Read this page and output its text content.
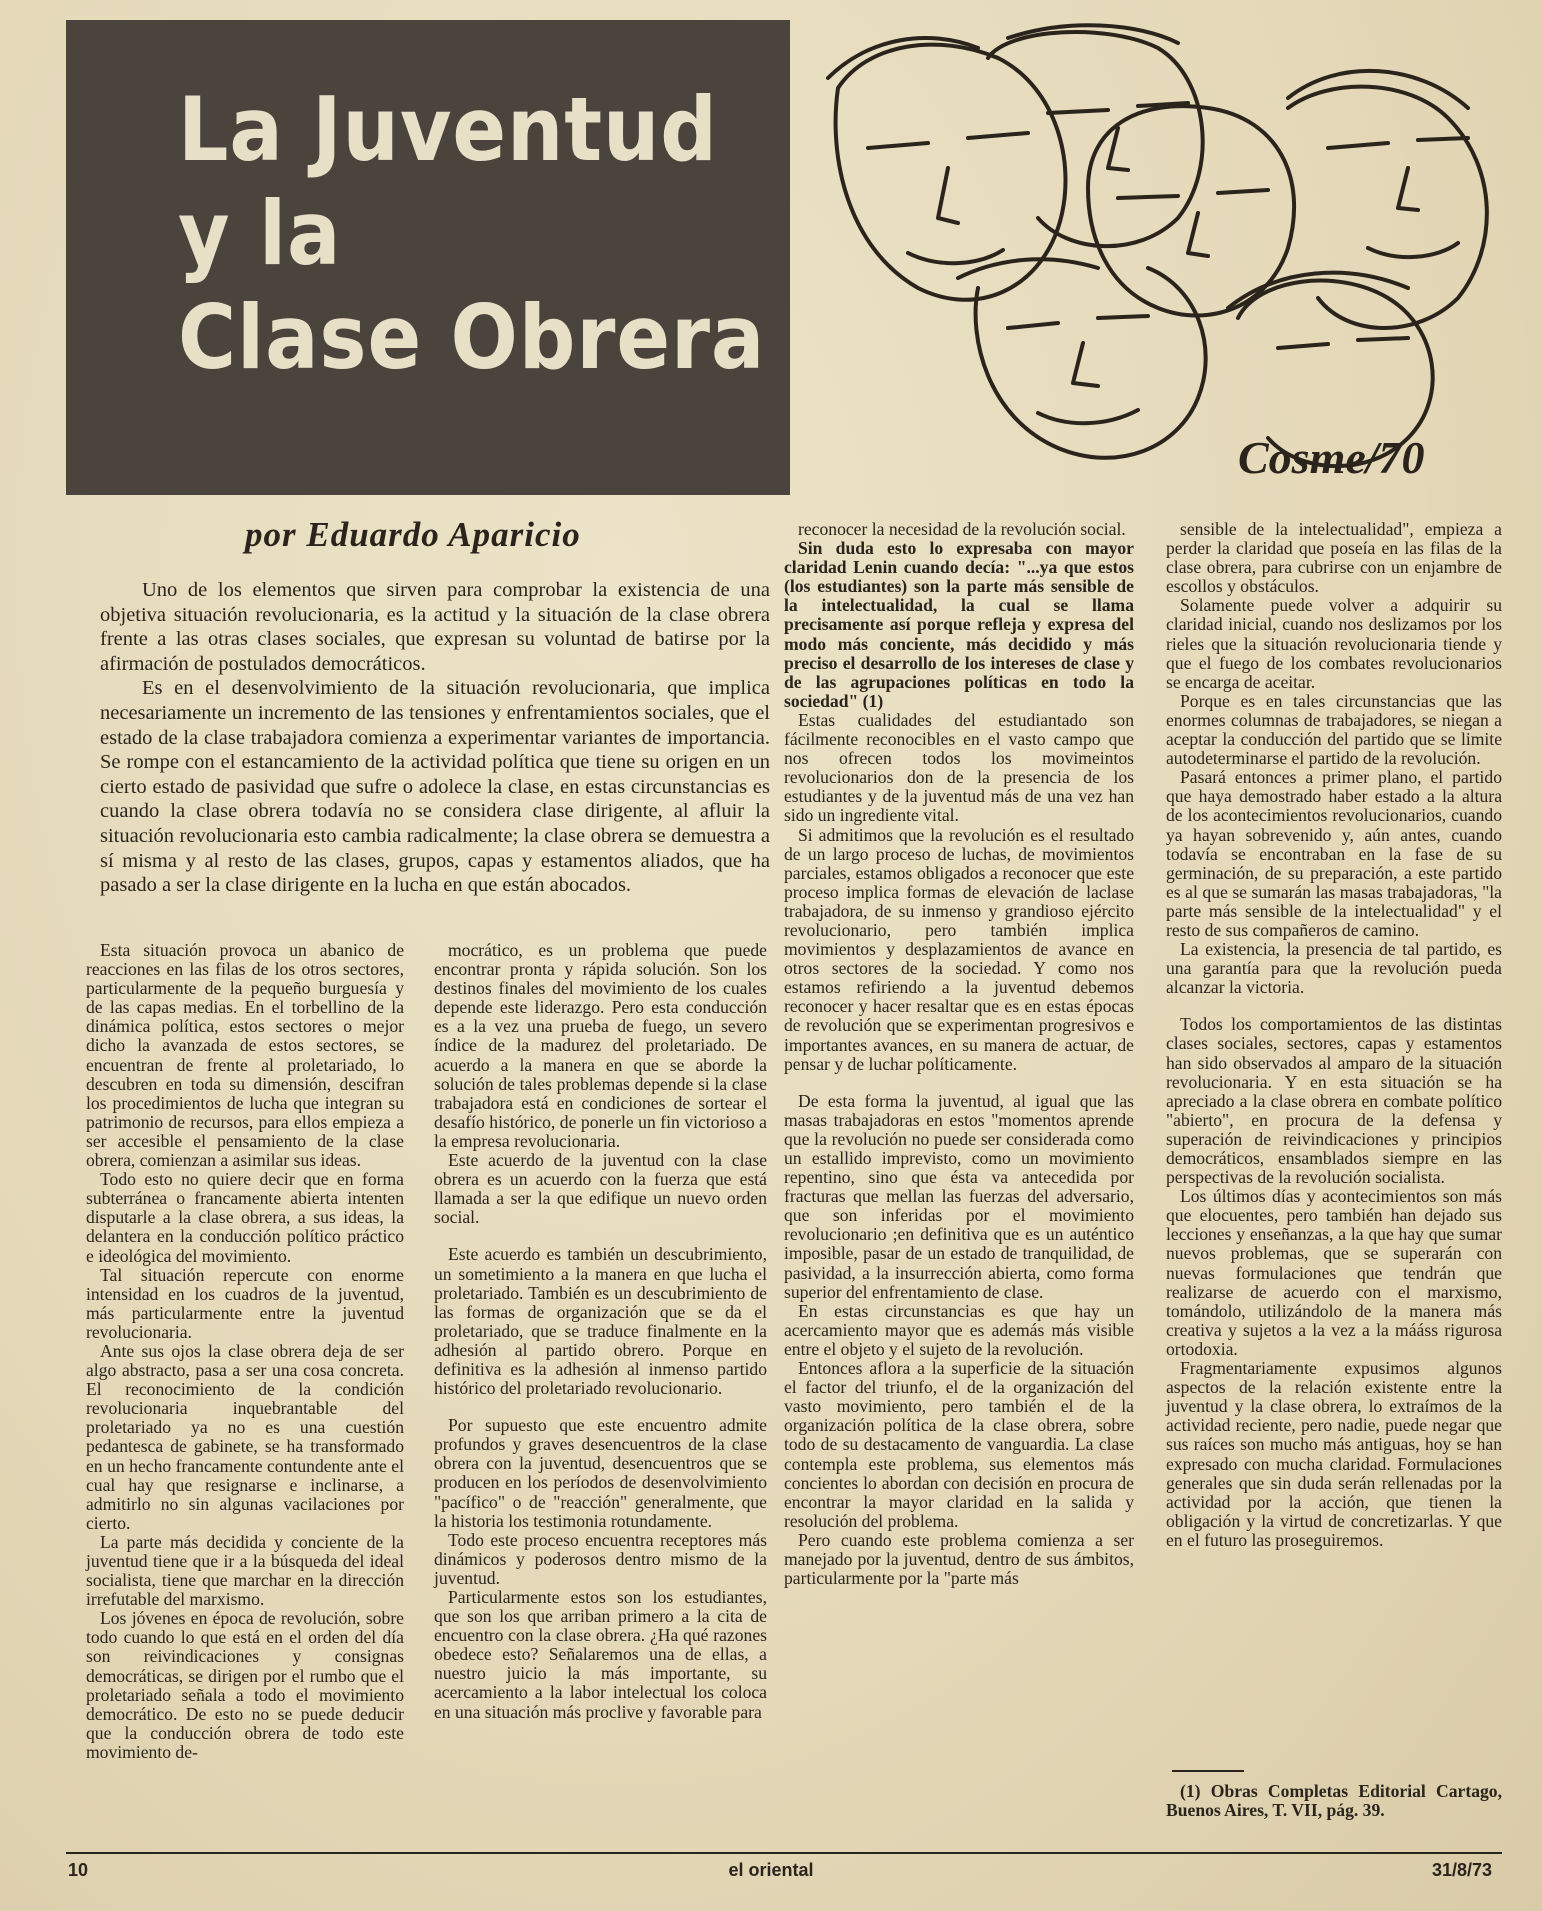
La Juventud
y la
Clase Obrera
Cosme/70
por Eduardo Aparicio

Uno de los elementos que sirven para comprobar la existencia de una objetiva situación revolucionaria, es la actitud y la situación de la clase obrera frente a las otras clases sociales, que expresan su voluntad de batirse por la afirmación de postulados democráticos.

Es en el desenvolvimiento de la situación revolucionaria, que implica necesariamente un incremento de las tensiones y enfrentamientos sociales, que el estado de la clase trabajadora comienza a experimentar variantes de importancia. Se rompe con el estancamiento de la actividad política que tiene su origen en un cierto estado de pasividad que sufre o adolece la clase, en estas circunstancias es cuando la clase obrera todavía no se considera clase dirigente, al afluir la situación revolucionaria esto cambia radicalmente; la clase obrera se demuestra a sí misma y al resto de las clases, grupos, capas y estamentos aliados, que ha pasado a ser la clase dirigente en la lucha en que están abocados.

Esta situación provoca un abanico de reacciones en las filas de los otros sectores, particularmente de la pequeño burguesía y de las capas medias. En el torbellino de la dinámica política, estos sectores o mejor dicho la avanzada de estos sectores, se encuentran de frente al proletariado, lo descubren en toda su dimensión, descifran los procedimientos de lucha que integran su patrimonio de recursos, para ellos empieza a ser accesible el pensamiento de la clase obrera, comienzan a asimilar sus ideas.

Todo esto no quiere decir que en forma subterránea o francamente abierta intenten disputarle a la clase obrera, a sus ideas, la delantera en la conducción político práctico e ideológica del movimiento.

Tal situación repercute con enorme intensidad en los cuadros de la juventud, más particularmente entre la juventud revolucionaria.

Ante sus ojos la clase obrera deja de ser algo abstracto, pasa a ser una cosa concreta. El reconocimiento de la condición revolucionaria inquebrantable del proletariado ya no es una cuestión pedantesca de gabinete, se ha transformado en un hecho francamente contundente ante el cual hay que resignarse e inclinarse, a admitirlo no sin algunas vacilaciones por cierto.

La parte más decidida y conciente de la juventud tiene que ir a la búsqueda del ideal socialista, tiene que marchar en la dirección irrefutable del marxismo.

Los jóvenes en época de revolución, sobre todo cuando lo que está en el orden del día son reivindicaciones y consignas democráticas, se dirigen por el rumbo que el proletariado señala a todo el movimiento democrático. De esto no se puede deducir que la conducción obrera de todo este movimiento de-

mocrático, es un problema que puede encontrar pronta y rápida solución. Son los destinos finales del movimiento de los cuales depende este liderazgo. Pero esta conducción es a la vez una prueba de fuego, un severo índice de la madurez del proletariado. De acuerdo a la manera en que se aborde la solución de tales problemas depende si la clase trabajadora está en condiciones de sortear el desafío histórico, de ponerle un fin victorioso a la empresa revolucionaria.

Este acuerdo de la juventud con la clase obrera es un acuerdo con la fuerza que está llamada a ser la que edifique un nuevo orden social.

Este acuerdo es también un descubrimiento, un sometimiento a la manera en que lucha el proletariado. También es un descubrimiento de las formas de organización que se da el proletariado, que se traduce finalmente en la adhesión al partido obrero. Porque en definitiva es la adhesión al inmenso partido histórico del proletariado revolucionario.

Por supuesto que este encuentro admite profundos y graves desencuentros de la clase obrera con la juventud, desencuentros que se producen en los períodos de desenvolvimiento "pacífico" o de "reacción" generalmente, que la historia los testimonia rotundamente.

Todo este proceso encuentra receptores más dinámicos y poderosos dentro mismo de la juventud.

Particularmente estos son los estudiantes, que son los que arriban primero a la cita de encuentro con la clase obrera. ¿Ha qué razones obedece esto? Señalaremos una de ellas, a nuestro juicio la más importante, su acercamiento a la labor intelectual los coloca en una situación más proclive y favorable para

reconocer la necesidad de la revolución social.

Sin duda esto lo expresaba con mayor claridad Lenin cuando decía: "...ya que estos (los estudiantes) son la parte más sensible de la intelectualidad, la cual se llama precisamente así porque refleja y expresa del modo más conciente, más decidido y más preciso el desarrollo de los intereses de clase y de las agrupaciones políticas en todo la sociedad" (1)

Estas cualidades del estudiantado son fácilmente reconocibles en el vasto campo que nos ofrecen todos los movimeintos revolucionarios don de la presencia de los estudiantes y de la juventud más de una vez han sido un ingrediente vital.

Si admitimos que la revolución es el resultado de un largo proceso de luchas, de movimientos parciales, estamos obligados a reconocer que este proceso implica formas de elevación de laclase trabajadora, de su inmenso y grandioso ejército revolucionario, pero también implica movimientos y desplazamientos de avance en otros sectores de la sociedad. Y como nos estamos refiriendo a la juventud debemos reconocer y hacer resaltar que es en estas épocas de revolución que se experimentan progresivos e importantes avances, en su manera de actuar, de pensar y de luchar políticamente.

De esta forma la juventud, al igual que las masas trabajadoras en estos "momentos aprende que la revolución no puede ser considerada como un estallido imprevisto, como un movimiento repentino, sino que ésta va antecedida por fracturas que mellan las fuerzas del adversario, que son inferidas por el movimiento revolucionario ;en definitiva que es un auténtico imposible, pasar de un estado de tranquilidad, de pasividad, a la insurrección abierta, como forma superior del enfrentamiento de clase.

En estas circunstancias es que hay un acercamiento mayor que es además más visible entre el objeto y el sujeto de la revolución.

Entonces aflora a la superficie de la situación el factor del triunfo, el de la organización del vasto movimiento, pero también el de la organización política de la clase obrera, sobre todo de su destacamento de vanguardia. La clase contempla este problema, sus elementos más concientes lo abordan con decisión en procura de encontrar la mayor claridad en la salida y resolución del problema.

Pero cuando este problema comienza a ser manejado por la juventud, dentro de sus ámbitos, particularmente por la "parte más

sensible de la intelectualidad", empieza a perder la claridad que poseía en las filas de la clase obrera, para cubrirse con un enjambre de escollos y obstáculos.

Solamente puede volver a adquirir su claridad inicial, cuando nos deslizamos por los rieles que la situación revolucionaria tiende y que el fuego de los combates revolucionarios se encarga de aceitar.

Porque es en tales circunstancias que las enormes columnas de trabajadores, se niegan a aceptar la conducción del partido que se limite autodeterminarse el partido de la revolución.

Pasará entonces a primer plano, el partido que haya demostrado haber estado a la altura de los acontecimientos revolucionarios, cuando ya hayan sobrevenido y, aún antes, cuando todavía se encontraban en la fase de su germinación, de su preparación, a este partido es al que se sumarán las masas trabajadoras, "la parte más sensible de la intelectualidad" y el resto de sus compañeros de camino.

La existencia, la presencia de tal partido, es una garantía para que la revolución pueda alcanzar la victoria.

Todos los comportamientos de las distintas clases sociales, sectores, capas y estamentos han sido observados al amparo de la situación revolucionaria. Y en esta situación se ha apreciado a la clase obrera en combate político "abierto", en procura de la defensa y superación de reivindicaciones y principios democráticos, ensamblados siempre en las perspectivas de la revolución socialista.

Los últimos días y acontecimientos son más que elocuentes, pero también han dejado sus lecciones y enseñanzas, a la que hay que sumar nuevos problemas, que se superarán con nuevas formulaciones que tendrán que realizarse de acuerdo con el marxismo, tomándolo, utilizándolo de la manera más creativa y sujetos a la vez a la mááss rigurosa ortodoxia.

Fragmentariamente expusimos algunos aspectos de la relación existente entre la juventud y la clase obrera, lo extraímos de la actividad reciente, pero nadie, puede negar que sus raíces son mucho más antiguas, hoy se han expresado con mucha claridad. Formulaciones generales que sin duda serán rellenadas por la actividad por la acción, que tienen la obligación y la virtud de concretizarlas. Y que en el futuro las proseguiremos.

(1) Obras Completas Editorial Cartago, Buenos Aires, T. VII, pág. 39.

el oriental
10	31/8/73
